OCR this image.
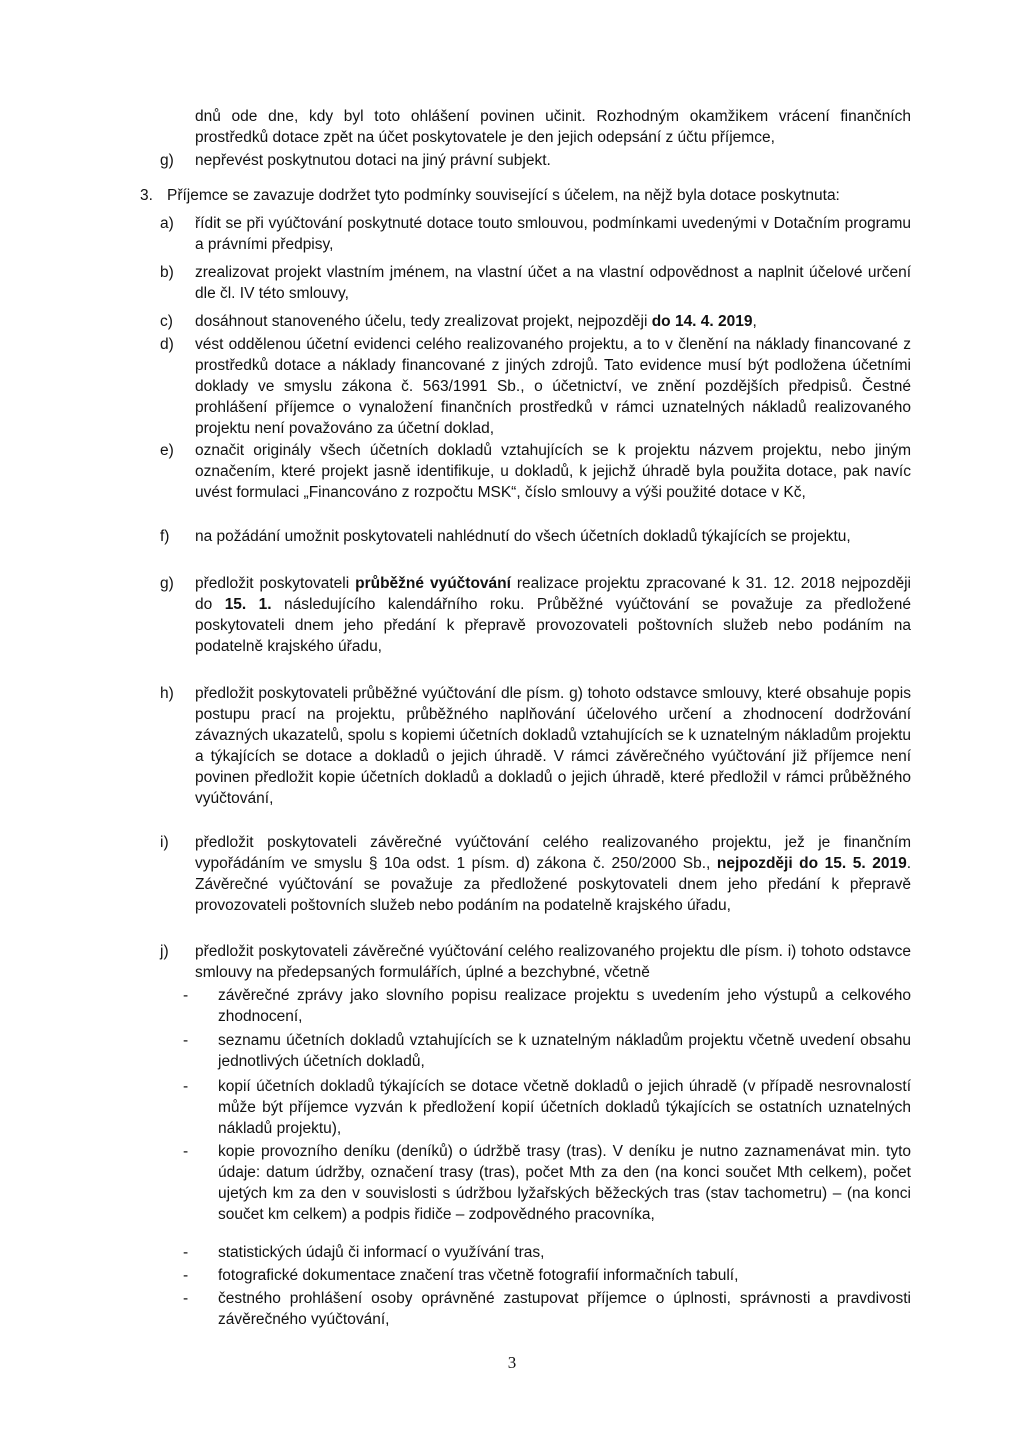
dnů ode dne, kdy byl toto ohlášení povinen učinit. Rozhodným okamžikem vrácení finančních prostředků dotace zpět na účet poskytovatele je den jejich odepsání z účtu příjemce,

g) nepřevést poskytnutou dotaci na jiný právní subjekt.

3. Příjemce se zavazuje dodržet tyto podmínky související s účelem, na nějž byla dotace poskytnuta:

a) řídit se při vyúčtování poskytnuté dotace touto smlouvou, podmínkami uvedenými v Dotačním programu a právními předpisy,

b) zrealizovat projekt vlastním jménem, na vlastní účet a na vlastní odpovědnost a naplnit účelové určení dle čl. IV této smlouvy,

c) dosáhnout stanoveného účelu, tedy zrealizovat projekt, nejpozději do 14. 4. 2019,

d) vést oddělenou účetní evidenci celého realizovaného projektu, a to v členění na náklady financované z prostředků dotace a náklady financované z jiných zdrojů. Tato evidence musí být podložena účetními doklady ve smyslu zákona č. 563/1991 Sb., o účetnictví, ve znění pozdějších předpisů. Čestné prohlášení příjemce o vynaložení finančních prostředků v rámci uznatelných nákladů realizovaného projektu není považováno za účetní doklad,

e) označit originály všech účetních dokladů vztahujících se k projektu názvem projektu, nebo jiným označením, které projekt jasně identifikuje, u dokladů, k jejichž úhradě byla použita dotace, pak navíc uvést formulaci „Financováno z rozpočtu MSK“, číslo smlouvy a výši použité dotace v Kč,

f) na požádání umožnit poskytovateli nahlédnutí do všech účetních dokladů týkajících se projektu,

g) předložit poskytovateli průběžné vyúčtování realizace projektu zpracované k 31. 12. 2018 nejpozději do 15. 1. následujícího kalendářního roku. Průběžné vyúčtování se považuje za předložené poskytovateli dnem jeho předání k přepravě provozovateli poštovních služeb nebo podáním na podatelně krajského úřadu,

h) předložit poskytovateli průběžné vyúčtování dle písm. g) tohoto odstavce smlouvy, které obsahuje popis postupu prací na projektu, průběžného naplňování účelového určení a zhodnocení dodržování závazných ukazatelů, spolu s kopiemi účetních dokladů vztahujících se k uznatelným nákladům projektu a týkajících se dotace a dokladů o jejich úhradě. V rámci závěrečného vyúčtování již příjemce není povinen předložit kopie účetních dokladů a dokladů o jejich úhradě, které předložil v rámci průběžného vyúčtování,

i) předložit poskytovateli závěrečné vyúčtování celého realizovaného projektu, jež je finančním vypořádáním ve smyslu § 10a odst. 1 písm. d) zákona č. 250/2000 Sb., nejpozději do 15. 5. 2019. Závěrečné vyúčtování se považuje za předložené poskytovateli dnem jeho předání k přepravě provozovateli poštovních služeb nebo podáním na podatelně krajského úřadu,

j) předložit poskytovateli závěrečné vyúčtování celého realizovaného projektu dle písm. i) tohoto odstavce smlouvy na předepsaných formulářích, úplné a bezchybné, včetně

- závěrečné zprávy jako slovního popisu realizace projektu s uvedením jeho výstupů a celkového zhodnocení,

- seznamu účetních dokladů vztahujících se k uznatelným nákladům projektu včetně uvedení obsahu jednotlivých účetních dokladů,

- kopií účetních dokladů týkajících se dotace včetně dokladů o jejich úhradě (v případě nesrovnalostí může být příjemce vyzván k předložení kopií účetních dokladů týkajících se ostatních uznatelných nákladů projektu),

- kopie provozního deníku (deníků) o údržbě trasy (tras). V deníku je nutno zaznamenávat min. tyto údaje: datum údržby, označení trasy (tras), počet Mth za den (na konci součet Mth celkem), počet ujetých km za den v souvislosti s údržbou lyžařských běžeckých tras (stav tachometru) – (na konci součet km celkem) a podpis řidiče – zodpovědného pracovníka,

- statistických údajů či informací o využívání tras,

- fotografické dokumentace značení tras včetně fotografií informačních tabulí,

- čestného prohlášení osoby oprávněné zastupovat příjemce o úplnosti, správnosti a pravdivosti závěrečného vyúčtování,

3
